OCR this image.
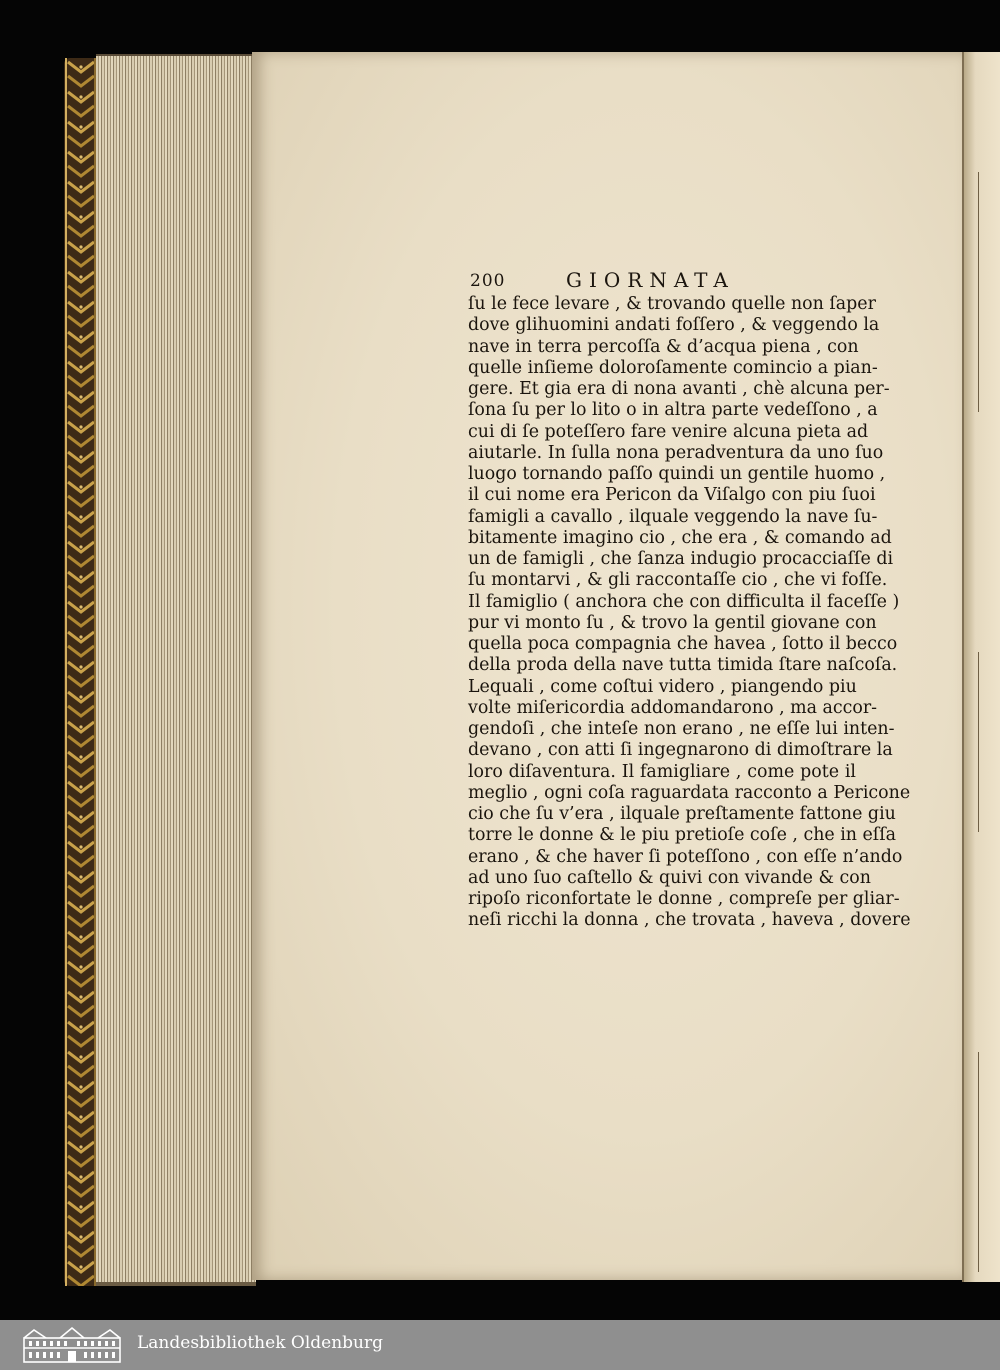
200	GIORNATA
ſu le fece levare , & trovando quelle non ſaper
dove glihuomini andati foſſero , & veggendo la
nave in terra percoſſa & d’acqua piena , con
quelle inſieme doloroſamente comincio a pian-
gere. Et gia era di nona avanti , chè alcuna per-
ſona ſu per lo lito o in altra parte vedeſſono , a
cui di ſe poteſſero fare venire alcuna pieta ad
aiutarle. In ſulla nona peradventura da uno ſuo
luogo tornando paſſo quindi un gentile huomo ,
il cui nome era Pericon da Viſalgo con piu ſuoi
famigli a cavallo , ilquale veggendo la nave ſu-
bitamente imagino cio , che era , & comando ad
un de famigli , che ſanza indugio procacciaſſe di
ſu montarvi , & gli raccontaſſe cio , che vi foſſe.
Il famiglio ( anchora che con difficulta il faceſſe )
pur vi monto ſu , & trovo la gentil giovane con
quella poca compagnia che havea , ſotto il becco
della proda della nave tutta timida ſtare naſcoſa.
Lequali , come coſtui videro , piangendo piu
volte miſericordia addomandarono , ma accor-
gendoſi , che inteſe non erano , ne eſſe lui inten-
devano , con atti ſi ingegnarono di dimoſtrare la
loro diſaventura. Il famigliare , come pote il
meglio , ogni coſa raguardata racconto a Pericone
cio che ſu v’era , ilquale preſtamente fattone giu
torre le donne & le piu pretioſe coſe , che in eſſa
erano , & che haver ſi poteſſono , con eſſe n’ando
ad uno ſuo caſtello & quivi con vivande & con
ripoſo riconfortate le donne , compreſe per gliar-
neſi ricchi la donna , che trovata , haveva , dovere
Landesbibliothek Oldenburg
